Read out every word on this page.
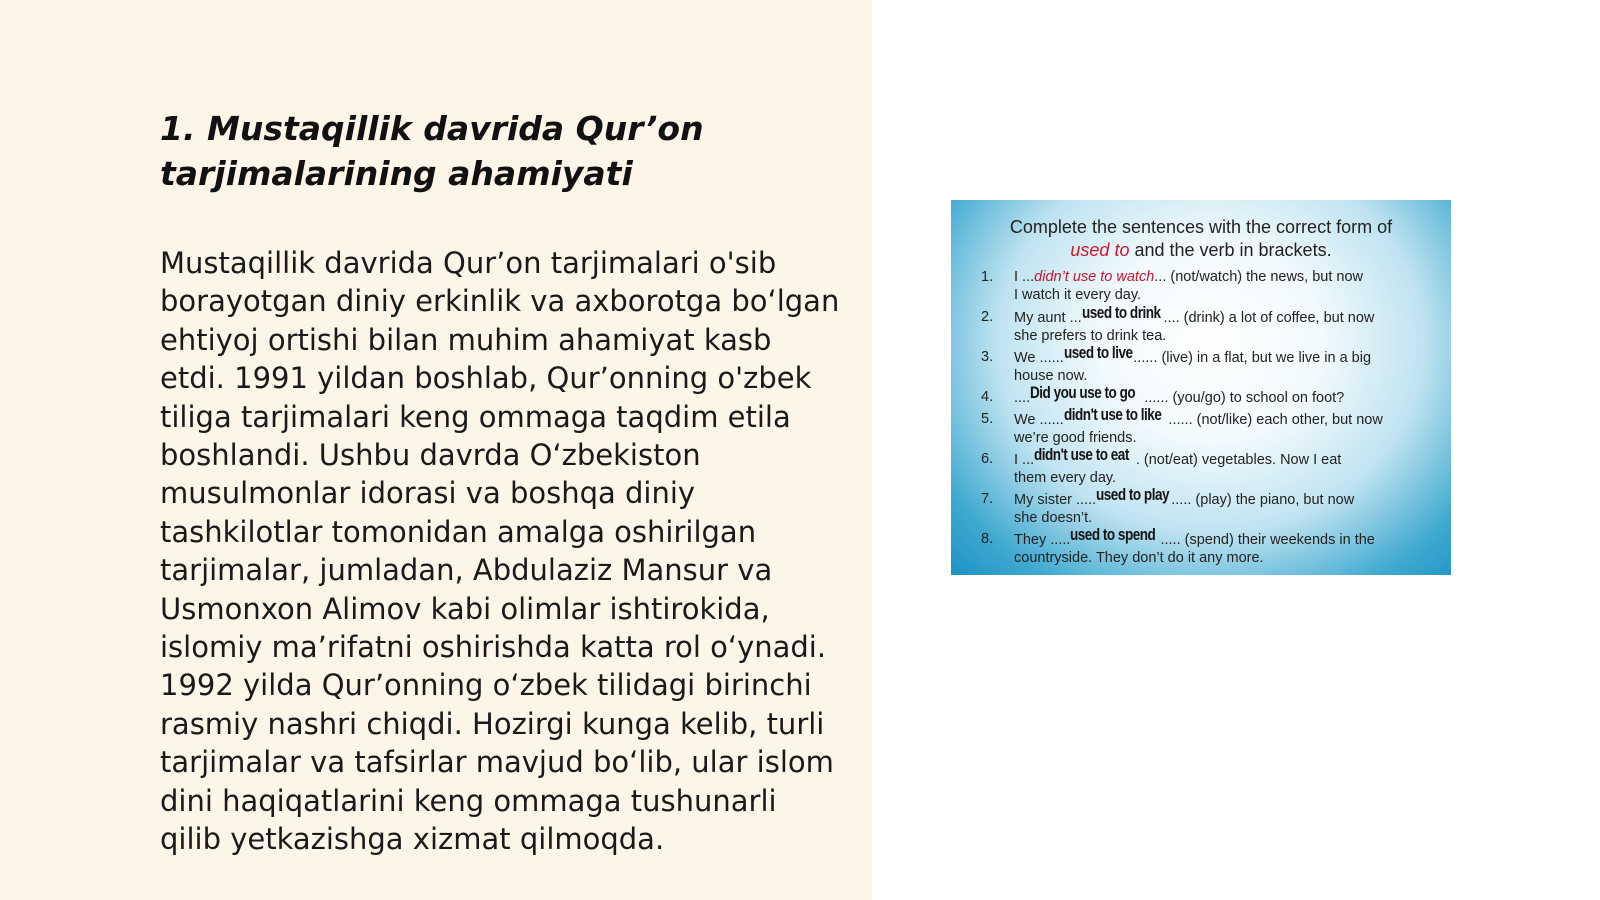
1. Mustaqillik davrida Qur’on
tarjimalarining ahamiyati

Mustaqillik davrida Qur’on tarjimalari o'sib borayotgan diniy erkinlik va axborotga bo‘lgan ehtiyoj ortishi bilan muhim ahamiyat kasb etdi. 1991 yildan boshlab, Qur’onning o'zbek tiliga tarjimalari keng ommaga taqdim etila boshlandi. Ushbu davrda O‘zbekiston musulmonlar idorasi va boshqa diniy tashkilotlar tomonidan amalga oshirilgan tarjimalar, jumladan, Abdulaziz Mansur va Usmonxon Alimov kabi olimlar ishtirokida, islomiy ma’rifatni oshirishda katta rol o‘ynadi. 1992 yilda Qur’onning o‘zbek tilidagi birinchi rasmiy nashri chiqdi. Hozirgi kunga kelib, turli tarjimalar va tafsirlar mavjud bo‘lib, ular islom dini haqiqatlarini keng ommaga tushunarli qilib yetkazishga xizmat qilmoqda.

Complete the sentences with the correct form of
used to and the verb in brackets.
1.	I ...didn’t use to watch... (not/watch) the news, but now
I watch it every day.
2.	My aunt ...used to drink .... (drink) a lot of coffee, but now
she prefers to drink tea.
3.	We ......used to live...... (live) in a flat, but we live in a big
house now.
4.	....Did you use to go ...... (you/go) to school on foot?
5.	We ......didn't use to like ...... (not/like) each other, but now
we’re good friends.
6.	I ...didn't use to eat . (not/eat) vegetables. Now I eat
them every day.
7.	My sister .....used to play ..... (play) the piano, but now
she doesn’t.
8.	They .....used to spend ..... (spend) their weekends in the
countryside. They don’t do it any more.
